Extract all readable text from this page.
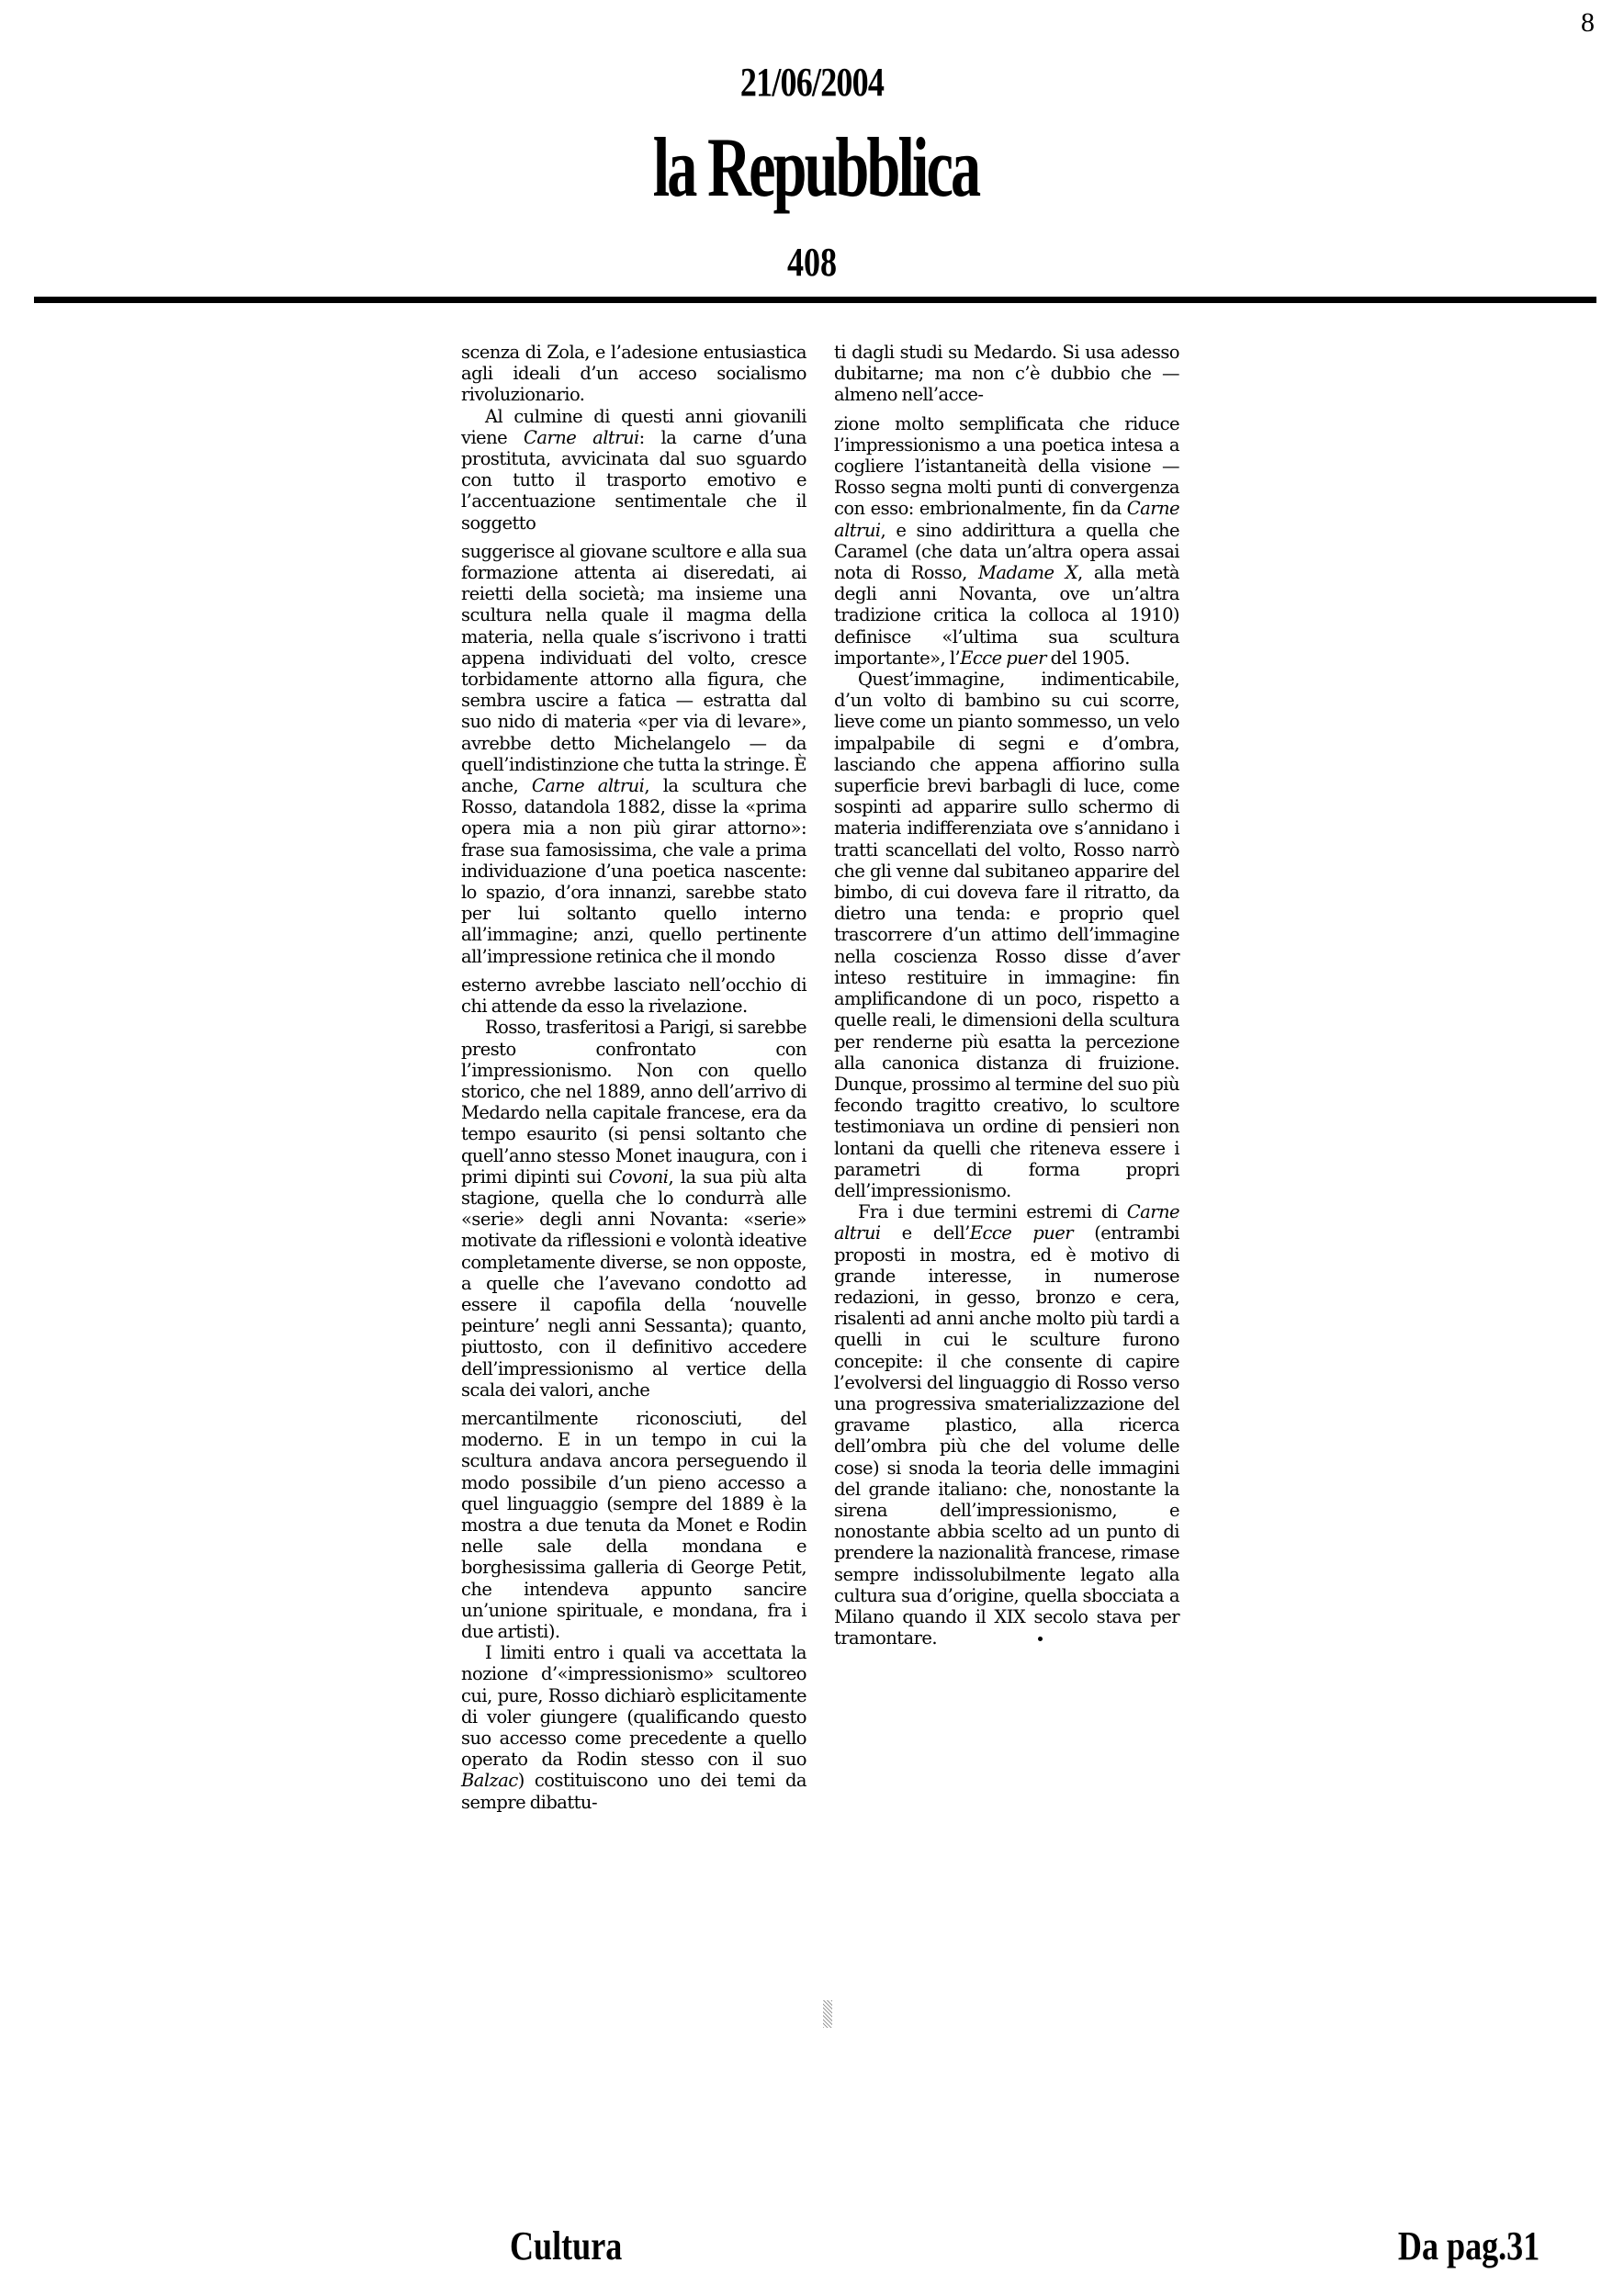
8
21/06/2004
la Repubblica
408

scenza di Zola, e l’adesione entusiastica agli ideali d’un acceso socialismo rivoluzionario.

Al culmine di questi anni giovanili viene Carne altrui: la carne d’una prostituta, avvicinata dal suo sguardo con tutto il trasporto emotivo e l’accentuazione sentimentale che il soggetto

suggerisce al giovane scultore e alla sua formazione attenta ai diseredati, ai reietti della società; ma insieme una scultura nella quale il magma della materia, nella quale s’iscrivono i tratti appena individuati del volto, cresce torbidamente attorno alla figura, che sembra uscire a fatica — estratta dal suo nido di materia «per via di levare», avrebbe detto Michelangelo — da quell’indistinzione che tutta la stringe. È anche, Carne altrui, la scultura che Rosso, datandola 1882, disse la «prima opera mia a non più girar attorno»: frase sua famosissima, che vale a prima individuazione d’una poetica nascente: lo spazio, d’ora innanzi, sarebbe stato per lui soltanto quello interno all’immagine; anzi, quello pertinente all’impressione retinica che il mondo

esterno avrebbe lasciato nell’occhio di chi attende da esso la rivelazione.

Rosso, trasferitosi a Parigi, si sarebbe presto confrontato con l’impressionismo. Non con quello storico, che nel 1889, anno dell’arrivo di Medardo nella capitale francese, era da tempo esaurito (si pensi soltanto che quell’anno stesso Monet inaugura, con i primi dipinti sui Covoni, la sua più alta stagione, quella che lo condurrà alle «serie» degli anni Novanta: «serie» motivate da riflessioni e volontà ideative completamente diverse, se non opposte, a quelle che l’avevano condotto ad essere il capofila della ‘nouvelle peinture’ negli anni Sessanta); quanto, piuttosto, con il definitivo accedere dell’impressionismo al vertice della scala dei valori, anche

mercantilmente riconosciuti, del moderno. E in un tempo in cui la scultura andava ancora perseguendo il modo possibile d’un pieno accesso a quel linguaggio (sempre del 1889 è la mostra a due tenuta da Monet e Rodin nelle sale della mondana e borghesissima galleria di George Petit, che intendeva appunto sancire un’unione spirituale, e mondana, fra i due artisti).

I limiti entro i quali va accettata la nozione d’«impressionismo» scultoreo cui, pure, Rosso dichiarò esplicitamente di voler giungere (qualificando questo suo accesso come precedente a quello operato da Rodin stesso con il suo Balzac) costituiscono uno dei temi da sempre dibattu-

ti dagli studi su Medardo. Si usa adesso dubitarne; ma non c’è dubbio che — almeno nell’acce-

zione molto semplificata che riduce l’impressionismo a una poetica intesa a cogliere l’istantaneità della visione — Rosso segna molti punti di convergenza con esso: embrionalmente, fin da Carne altrui, e sino addirittura a quella che Caramel (che data un’altra opera assai nota di Rosso, Madame X, alla metà degli anni Novanta, ove un’altra tradizione critica la colloca al 1910) definisce «l’ultima sua scultura importante», l’Ecce puer del 1905.

Quest’immagine, indimenticabile, d’un volto di bambino su cui scorre, lieve come un pianto sommesso, un velo impalpabile di segni e d’ombra, lasciando che appena affiorino sulla superficie brevi barbagli di luce, come sospinti ad apparire sullo schermo di materia indifferenziata ove s’annidano i tratti scancellati del volto, Rosso narrò che gli venne dal subitaneo apparire del bimbo, di cui doveva fare il ritratto, da dietro una tenda: e proprio quel trascorrere d’un attimo dell’immagine nella coscienza Rosso disse d’aver inteso restituire in immagine: fin amplificandone di un poco, rispetto a quelle reali, le dimensioni della scultura per renderne più esatta la percezione alla canonica distanza di fruizione. Dunque, prossimo al termine del suo più fecondo tragitto creativo, lo scultore testimoniava un ordine di pensieri non lontani da quelli che riteneva essere i parametri di forma propri dell’impressionismo.

Fra i due termini estremi di Carne altrui e dell’Ecce puer (entrambi proposti in mostra, ed è motivo di grande interesse, in numerose redazioni, in gesso, bronzo e cera, risalenti ad anni anche molto più tardi a quelli in cui le sculture furono concepite: il che consente di capire l’evolversi del linguaggio di Rosso verso una progressiva smaterializzazione del gravame plastico, alla ricerca dell’ombra più che del volume delle cose) si snoda la teoria delle immagini del grande italiano: che, nonostante la sirena dell’impressionismo, e nonostante abbia scelto ad un punto di prendere la nazionalità francese, rimase sempre indissolubilmente legato alla cultura sua d’origine, quella sbocciata a Milano quando il XIX secolo stava per tramontare.

Cultura	Da pag.31
